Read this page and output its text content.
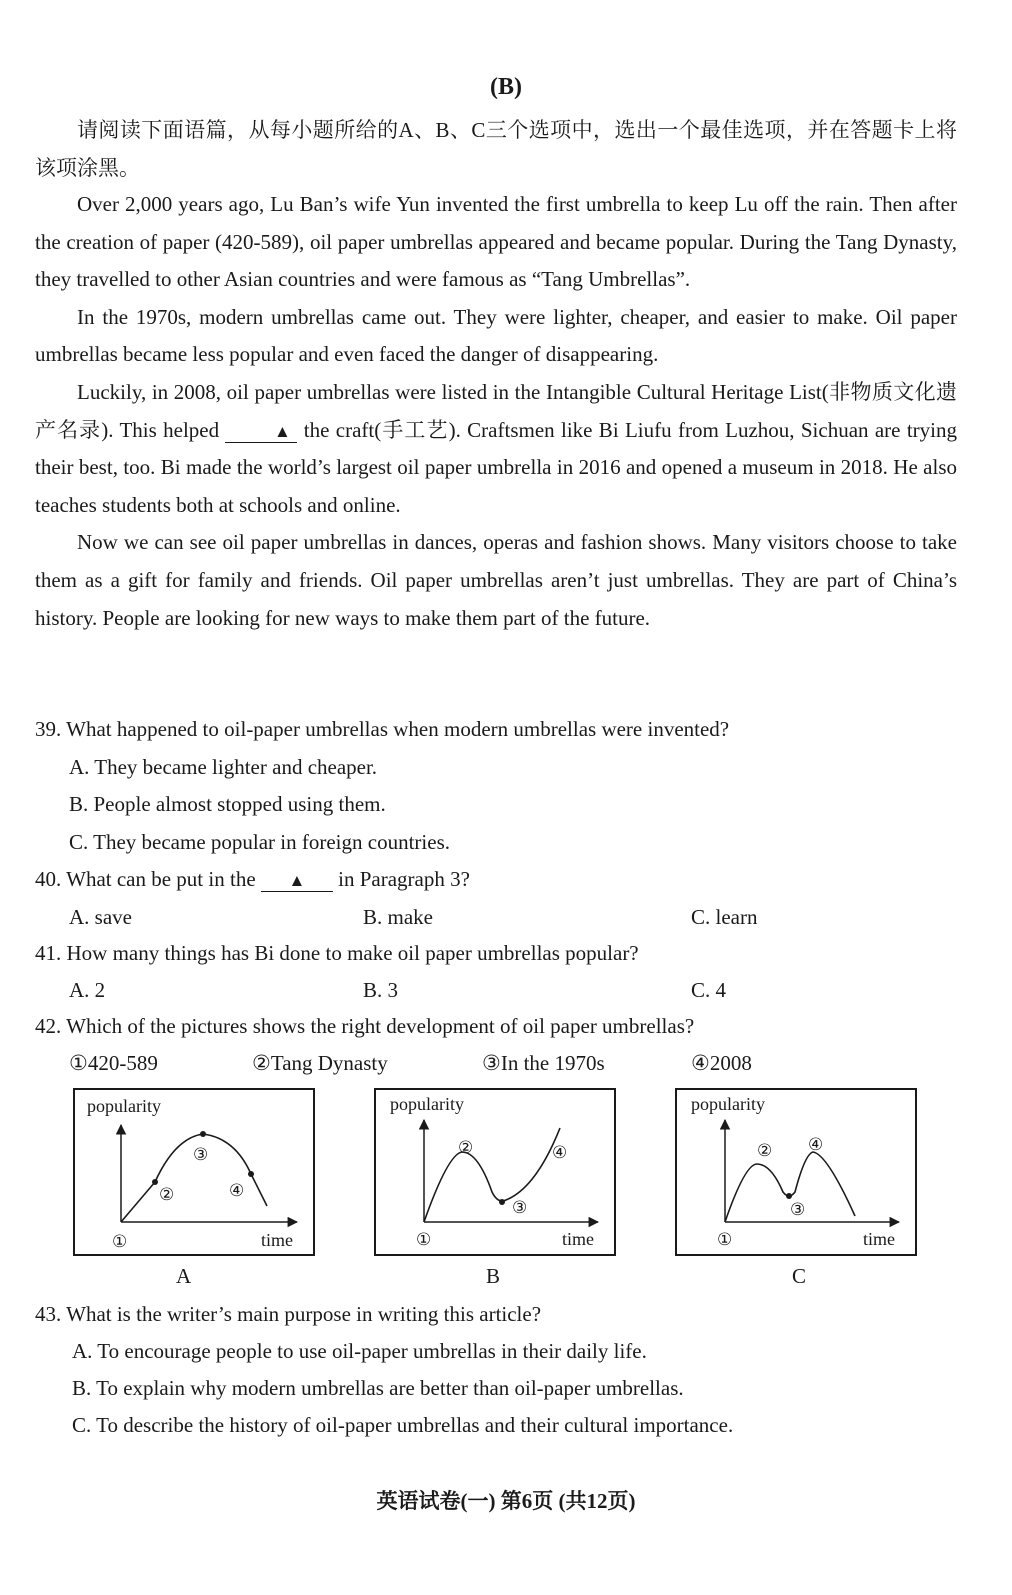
(B)

请阅读下面语篇，从每小题所给的A、B、C三个选项中，选出一个最佳选项，并在答题卡上将该项涂黑。

Over 2,000 years ago, Lu Ban’s wife Yun invented the first umbrella to keep Lu off the rain. Then after the creation of paper (420-589), oil paper umbrellas appeared and became popular. During the Tang Dynasty, they travelled to other Asian countries and were famous as “Tang Umbrellas”.

In the 1970s, modern umbrellas came out. They were lighter, cheaper, and easier to make. Oil paper umbrellas became less popular and even faced the danger of disappearing.

Luckily, in 2008, oil paper umbrellas were listed in the Intangible Cultural Heritage List(非物质文化遗产名录). This helped	▲ the craft(手工艺). Craftsmen like Bi Liufu from Luzhou, Sichuan are trying their best, too. Bi made the world’s largest oil paper umbrella in 2016 and opened a museum in 2018. He also teaches students both at schools and online.

Now we can see oil paper umbrellas in dances, operas and fashion shows. Many visitors choose to take them as a gift for family and friends. Oil paper umbrellas aren’t just umbrellas. They are part of China’s history. People are looking for new ways to make them part of the future.

39. What happened to oil-paper umbrellas when modern umbrellas were invented?
A. They became lighter and cheaper.
B. People almost stopped using them.
C. They became popular in foreign countries.
40. What can be put in the ▲ in Paragraph 3?
A. save	B. make	C. learn
41. How many things has Bi done to make oil paper umbrellas popular?
A. 2	B. 3	C. 4
42. Which of the pictures shows the right development of oil paper umbrellas?
①420-589	②Tang Dynasty	③In the 1970s	④2008
popularity
time
①
②
③
④
popularity
time
①
②
③
④
popularity
time
①
②
③
④
A	B	C
43. What is the writer’s main purpose in writing this article?
A. To encourage people to use oil-paper umbrellas in their daily life.
B. To explain why modern umbrellas are better than oil-paper umbrellas.
C. To describe the history of oil-paper umbrellas and their cultural importance.
英语试卷(一) 第6页 (共12页)
